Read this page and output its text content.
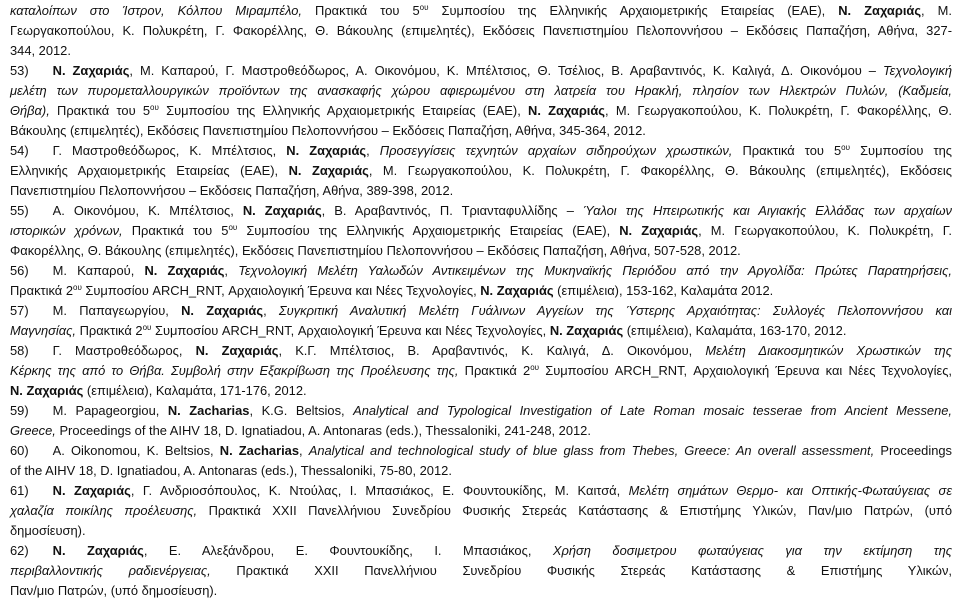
καταλοίπων στο Ίστρον, Κόλπου Μιραμπέλο, Πρακτικά του $5^{o\upsilon}$ Συμποσίου της Ελληνικής Αρχαιομετρικής Εταιρείας (ΕΑΕ), Ν. Ζαχαριάς, Μ.
Γεωργακοπούλου, Κ. Πολυκρέτη, Γ. Φακορέλλης, Θ. Βάκουλης (επιμελητές), Εκδόσεις Πανεπιστημίου Πελοποννήσου – Εκδόσεις Παπαζήση, Αθήνα, 327-
344, 2012.
53) Ν. Ζαχαριάς, Μ. Καπαρού, Γ. Μαστροθεόδωρος, Α. Οικονόμου, Κ. Μπέλτσιος, Θ. Τσέλιος, Β. Αραβαντινός, Κ. Καλιγά, Δ. Οικονόμου – Τεχνολογική
μελέτη των πυρομεταλλουργικών προϊόντων της ανασκαφής χώρου αφιερωμένου στη λατρεία του Ηρακλή, πλησίον των Ηλεκτρών Πυλών, (Καδμεία,
Θήβα), Πρακτικά του $5^{o\upsilon}$ Συμποσίου της Ελληνικής Αρχαιομετρικής Εταιρείας (ΕΑΕ), Ν. Ζαχαριάς, Μ. Γεωργακοπούλου, Κ. Πολυκρέτη, Γ. Φακορέλλης, Θ.
Βάκουλης (επιμελητές), Εκδόσεις Πανεπιστημίου Πελοποννήσου – Εκδόσεις Παπαζήση, Αθήνα, 345-364, 2012.
54) Γ. Μαστροθεόδωρος, Κ. Μπέλτσιος, Ν. Ζαχαριάς, Προσεγγίσεις τεχνητών αρχαίων σιδηρούχων χρωστικών, Πρακτικά του $5^{o\upsilon}$ Συμποσίου της
Ελληνικής Αρχαιομετρικής Εταιρείας (ΕΑΕ), Ν. Ζαχαριάς, Μ. Γεωργακοπούλου, Κ. Πολυκρέτη, Γ. Φακορέλλης, Θ. Βάκουλης (επιμελητές), Εκδόσεις
Πανεπιστημίου Πελοποννήσου – Εκδόσεις Παπαζήση, Αθήνα, 389-398, 2012.
55) Α. Οικονόμου, Κ. Μπέλτσιος, Ν. Ζαχαριάς, Β. Αραβαντινός, Π. Τριανταφυλλίδης – Ύαλοι της Ηπειρωτικής και Αιγιακής Ελλάδας των αρχαίων
ιστορικών χρόνων, Πρακτικά του $5^{o\upsilon}$ Συμποσίου της Ελληνικής Αρχαιομετρικής Εταιρείας (ΕΑΕ), Ν. Ζαχαριάς, Μ. Γεωργακοπούλου, Κ. Πολυκρέτη, Γ.
Φακορέλλης, Θ. Βάκουλης (επιμελητές), Εκδόσεις Πανεπιστημίου Πελοποννήσου – Εκδόσεις Παπαζήση, Αθήνα, 507-528, 2012.
56) Μ. Καπαρού, Ν. Ζαχαριάς, Τεχνολογική Μελέτη Υαλωδών Αντικειμένων της Μυκηναϊκής Περιόδου από την Αργολίδα: Πρώτες Παρατηρήσεις,
Πρακτικά $2^{o\upsilon}$ Συμποσίου ARCH_RNT, Αρχαιολογική Έρευνα και Νέες Τεχνολογίες, Ν. Ζαχαριάς (επιμέλεια), 153-162, Καλαμάτα 2012.
57) Μ. Παπαγεωργίου, Ν. Ζαχαριάς, Συγκριτική Αναλυτική Μελέτη Γυάλινων Αγγείων της Ύστερης Αρχαιότητας: Συλλογές Πελοποννήσου και
Μαγνησίας, Πρακτικά $2^{o\upsilon}$ Συμποσίου ARCH_RNT, Αρχαιολογική Έρευνα και Νέες Τεχνολογίες, Ν. Ζαχαριάς (επιμέλεια), Καλαμάτα, 163-170, 2012.
58) Γ. Μαστροθεόδωρος, Ν. Ζαχαριάς, Κ.Γ. Μπέλτσιος, Β. Αραβαντινός, Κ. Καλιγά, Δ. Οικονόμου, Μελέτη Διακοσμητικών Χρωστικών της
Κέρκης της από το Θήβα. Συμβολή στην Εξακρίβωση της Προέλευσης της, Πρακτικά $2^{o\upsilon}$ Συμποσίου ARCH_RNT, Αρχαιολογική Έρευνα και Νέες Τεχνολογίες,
Ν. Ζαχαριάς (επιμέλεια), Καλαμάτα, 171-176, 2012.
59) M. Papageorgiou, N. Zacharias, K.G. Beltsios, Analytical and Typological Investigation of Late Roman mosaic tesserae from Ancient Messene,
Greece, Proceedings of the AIHV 18, D. Ignatiadou, A. Antonaras (eds.), Thessaloniki, 241-248, 2012.
60) A. Oikonomou, K. Beltsios, N. Zacharias, Analytical and technological study of blue glass from Thebes, Greece: An overall assessment, Proceedings
of the AIHV 18, D. Ignatiadou, A. Antonaras (eds.), Thessaloniki, 75-80, 2012.
61) Ν. Ζαχαριάς, Γ. Ανδριοσόπουλος, Κ. Ντούλας, Ι. Μπασιάκος, Ε. Φουντουκίδης, Μ. Καιτσά, Μελέτη σημάτων Θερμο- και Οπτικής-Φωταύγειας σε
χαλαζία ποικίλης προέλευσης, Πρακτικά XXII Πανελλήνιου Συνεδρίου Φυσικής Στερεάς Κατάστασης & Επιστήμης Υλικών, Παν/μιο Πατρών, (υπό
δημοσίευση).
62) Ν. Ζαχαριάς, Ε. Αλεξάνδρου, Ε. Φουντουκίδης, Ι. Μπασιάκος, Χρήση δοσιμετρου φωταύγειας για την εκτίμηση της
περιβαλλοντικής ραδιενέργειας, Πρακτικά XXII Πανελλήνιου Συνεδρίου Φυσικής Στερεάς Κατάστασης & Επιστήμης Υλικών,
Παν/μιο Πατρών, (υπό δημοσίευση).
